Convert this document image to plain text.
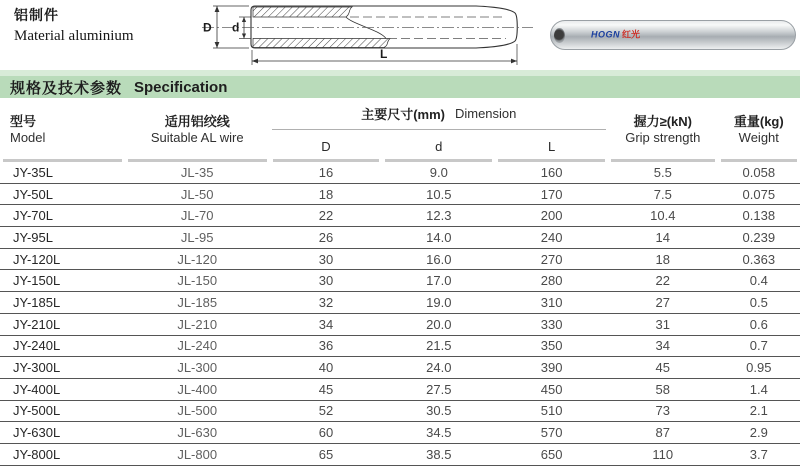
铝制件
Material aluminium
D d
L
HOGN 红光
规格及技术参数 Specification
型号
Model
适用铝绞线
Suitable AL wire
主要尺寸(mm) Dimension
D	d	L
握力≥(kN)
Grip strength
重量(kg)
Weight
JY-35L	JL-35	16	9.0	160	5.5	0.058
JY-50L	JL-50	18	10.5	170	7.5	0.075
JY-70L	JL-70	22	12.3	200	10.4	0.138
JY-95L	JL-95	26	14.0	240	14	0.239
JY-120L	JL-120	30	16.0	270	18	0.363
JY-150L	JL-150	30	17.0	280	22	0.4
JY-185L	JL-185	32	19.0	310	27	0.5
JY-210L	JL-210	34	20.0	330	31	0.6
JY-240L	JL-240	36	21.5	350	34	0.7
JY-300L	JL-300	40	24.0	390	45	0.95
JY-400L	JL-400	45	27.5	450	58	1.4
JY-500L	JL-500	52	30.5	510	73	2.1
JY-630L	JL-630	60	34.5	570	87	2.9
JY-800L	JL-800	65	38.5	650	110	3.7
